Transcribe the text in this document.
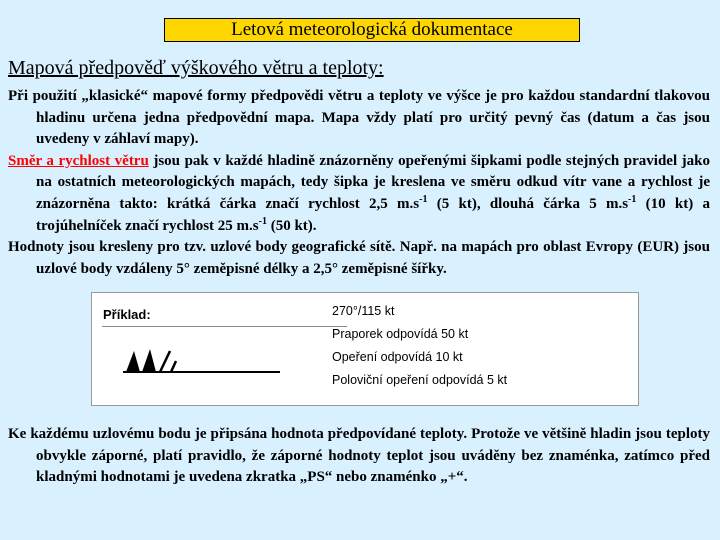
Letová meteorologická dokumentace
Mapová předpověď výškového větru a teploty:

Při použití „klasické“ mapové formy předpovědi větru a teploty ve výšce je pro každou standardní tlakovou hladinu určena jedna předpovědní mapa. Mapa vždy platí pro určitý pevný čas (datum a čas jsou uvedeny v záhlaví mapy).

Směr a rychlost větru jsou pak v každé hladině znázorněny opeřenými šipkami podle stejných pravidel jako na ostatních meteorologických mapách, tedy šipka je kreslena ve směru odkud vítr vane a rychlost je znázorněna takto: krátká čárka značí rychlost 2,5 $m.s^{-1}$ (5 kt), dlouhá čárka 5 $m.s^{-1}$ (10 kt) a trojúhelníček značí rychlost 25 $m.s^{-1}$ (50 kt).

Hodnoty jsou kresleny pro tzv. uzlové body geografické sítě. Např. na mapách pro oblast Evropy (EUR) jsou uzlové body vzdáleny 5° zeměpisné délky a 2,5° zeměpisné šířky.

Příklad:	270°/115 kt
Praporek odpovídá 50 kt
Opeření odpovídá 10 kt
Poloviční opeření odpovídá 5 kt

Ke každému uzlovému bodu je připsána hodnota předpovídané teploty. Protože ve většině hladin jsou teploty obvykle záporné, platí pravidlo, že záporné hodnoty teplot jsou uváděny bez znaménka, zatímco před kladnými hodnotami je uvedena zkratka „PS“ nebo znaménko „+“.
